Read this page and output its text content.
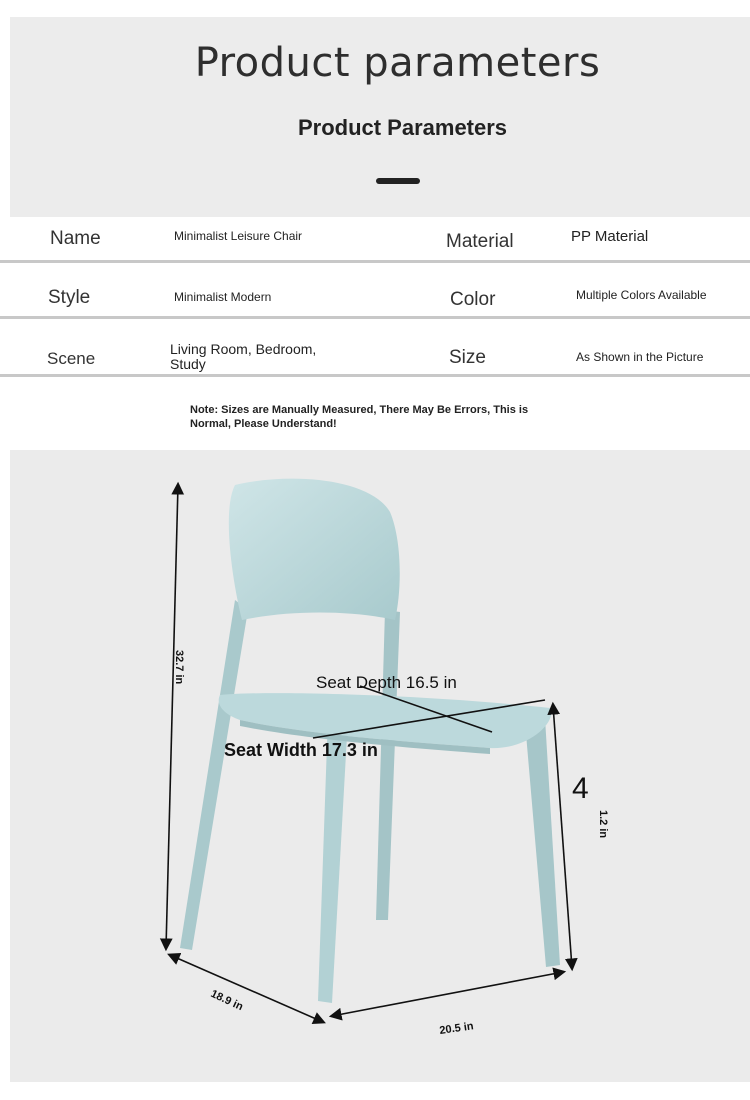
Product parameters
Product Parameters
Name	Minimalist Leisure Chair	Material	PP Material
Style	Minimalist Modern	Color	Multiple Colors Available
Scene	Living Room, Bedroom, Study	Size	As Shown in the Picture
Note: Sizes are Manually Measured, There May Be Errors, This is Normal, Please Understand!
32.7 in	Seat Depth 16.5 in
Seat Width 17.3 in
4
1.2 in
18.9 in
20.5 in
